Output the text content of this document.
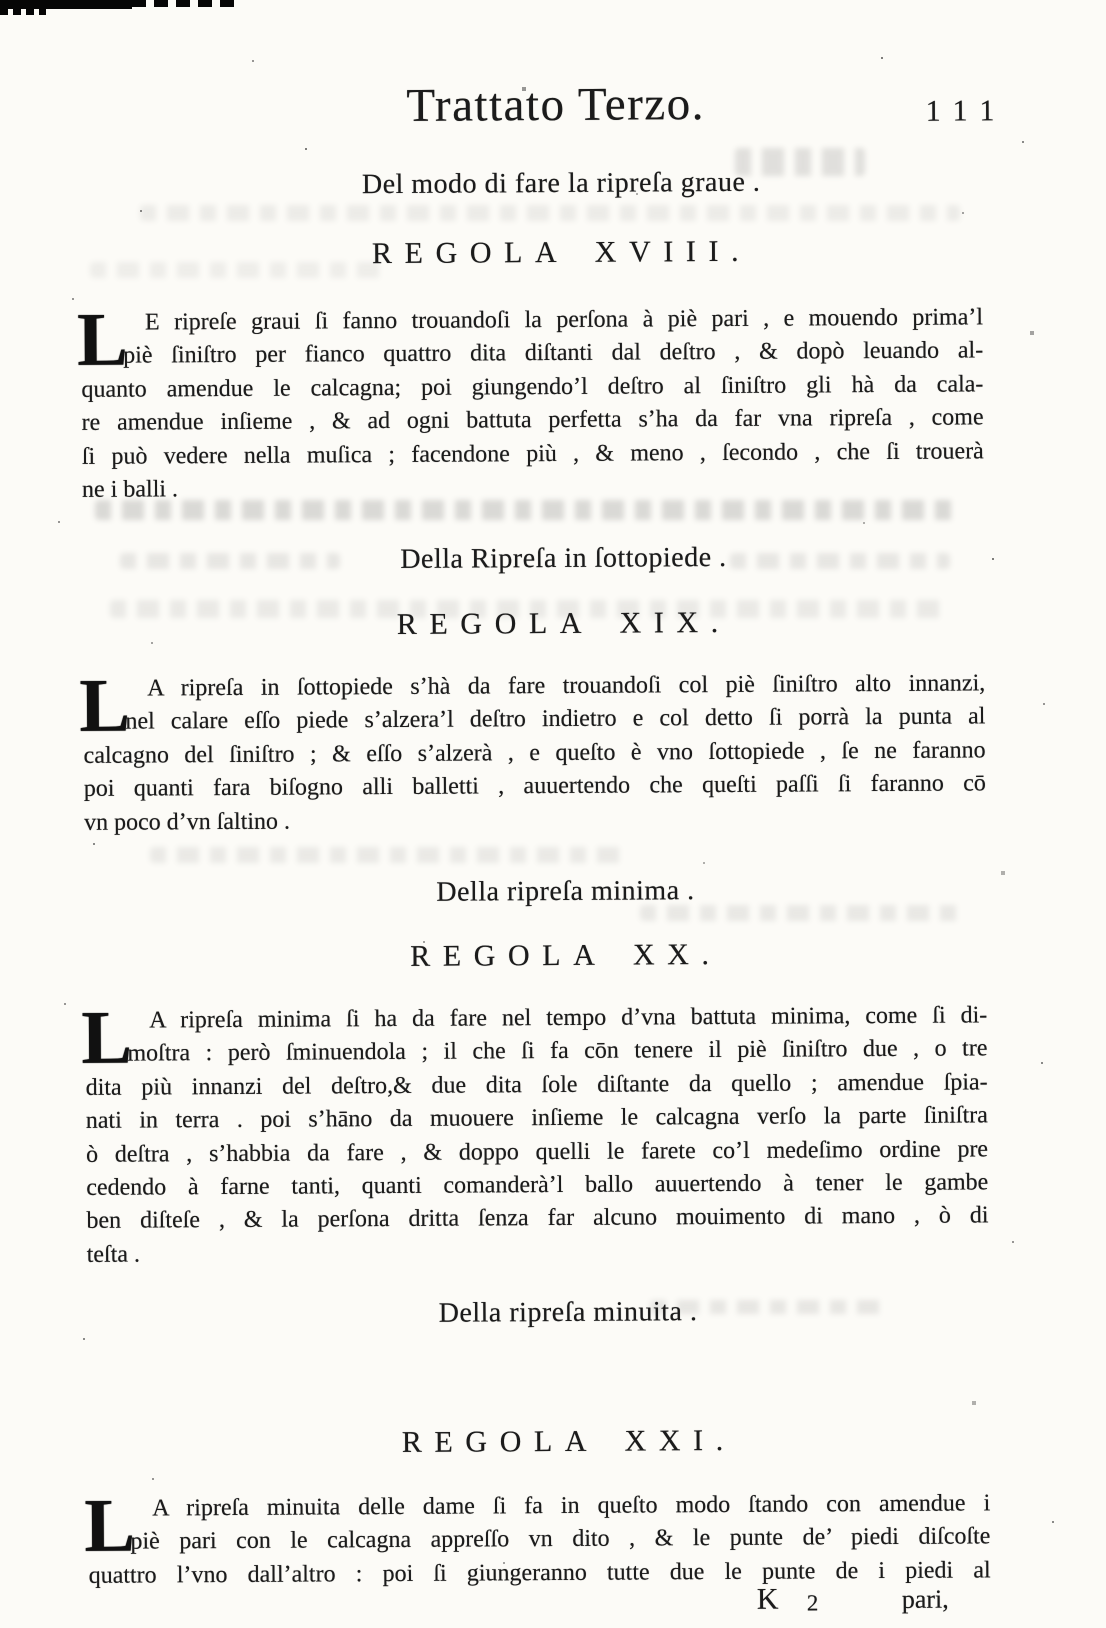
Trattato Terzo.	111
Del modo di fare la ripreſa graue .
REGOLA XVIII.
L E ripreſe graui ſi fanno trouandoſi la perſona à piè pari , e mouendo prima’l
piè ſiniſtro per fianco quattro dita diſtanti dal deſtro , & dopò leuando al-
quanto amendue le calcagna; poi giungendo’l deſtro al ſiniſtro gli hà da cala-
re amendue inſieme , & ad ogni battuta perfetta s’ha da far vna ripreſa , come
ſi può vedere nella muſica ; facendone più , & meno , ſecondo , che ſi trouerà
ne i balli .
Della Ripreſa in ſottopiede .
REGOLA XIX.
L A ripreſa in ſottopiede s’hà da fare trouandoſi col piè ſiniſtro alto innanzi,
nel calare eſſo piede s’alzera’l deſtro indietro e col detto ſi porrà la punta al
calcagno del ſiniſtro ; & eſſo s’alzerà , e queſto è vno ſottopiede , ſe ne faranno
poi quanti fara biſogno alli balletti , auuertendo che queſti paſſi ſi faranno cō
vn poco d’vn ſaltino .
Della ripreſa minima .
REGOLA XX.
L A ripreſa minima ſi ha da fare nel tempo d’vna battuta minima, come ſi di-
moſtra : però ſminuendola ; il che ſi fa cōn tenere il piè ſiniſtro due , o tre
dita più innanzi del deſtro,& due dita ſole diſtante da quello ; amendue ſpia-
nati in terra . poi s’hāno da muouere inſieme le calcagna verſo la parte ſiniſtra
ò deſtra , s’habbia da fare , & doppo quelli le farete co’l medeſimo ordine pre
cedendo à farne tanti, quanti comanderà’l ballo auuertendo à tener le gambe
ben diſteſe , & la perſona dritta ſenza far alcuno mouimento di mano , ò di
teſta .
Della ripreſa minuita .
REGOLA XXI.
L A ripreſa minuita delle dame ſi fa in queſto modo ſtando con amendue i
piè pari con le calcagna appreſſo vn dito , & le punte de’ piedi diſcoſte
quattro l’vno dall’altro : poi ſi giungeranno tutte due le punte de i piedi al
K 2	pari,
